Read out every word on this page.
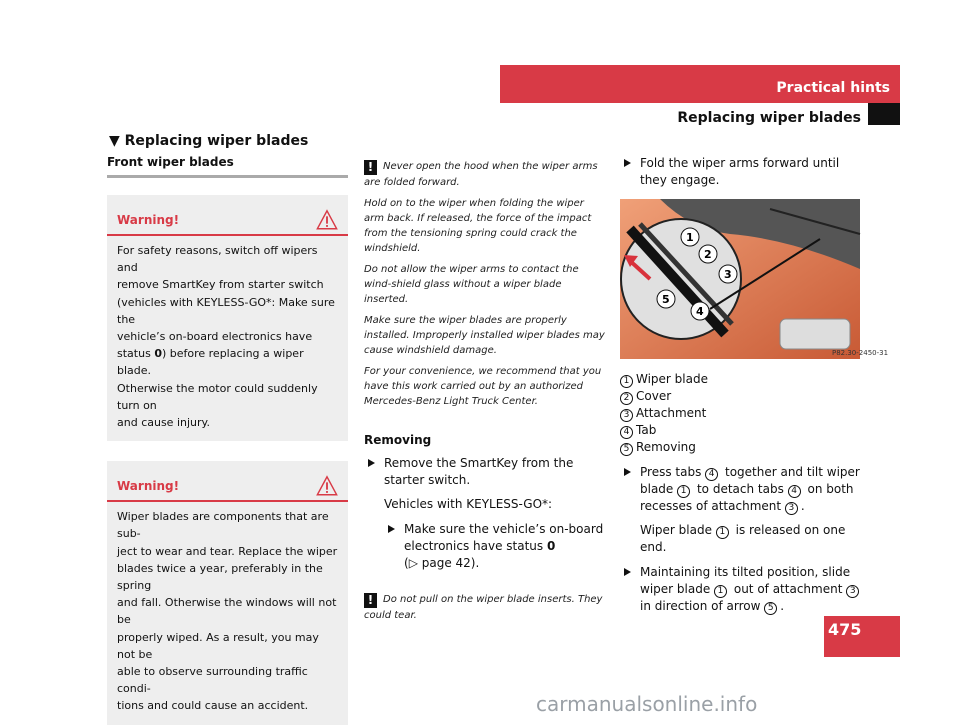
Practical hints
Replacing wiper blades
▼ Replacing wiper blades
Front wiper blades
Warning!
For safety reasons, switch off wipers and
remove SmartKey from starter switch
(vehicles with KEYLESS-GO*: Make sure the
vehicle’s on-board electronics have
status 0) before replacing a wiper blade.
Otherwise the motor could suddenly turn on
and cause injury.
Warning!
Wiper blades are components that are sub-
ject to wear and tear. Replace the wiper
blades twice a year, preferably in the spring
and fall. Otherwise the windows will not be
properly wiped. As a result, you may not be
able to observe surrounding traffic condi-
tions and could cause an accident.
! Never open the hood when the wiper arms are folded forward.
Hold on to the wiper when folding the wiper arm back. If released, the force of the impact from the tensioning spring could crack the windshield.
Do not allow the wiper arms to contact the wind-shield glass without a wiper blade inserted.
Make sure the wiper blades are properly installed. Improperly installed wiper blades may cause windshield damage.
For your convenience, we recommend that you have this work carried out by an authorized Mercedes-Benz Light Truck Center.
Removing
Remove the SmartKey from the starter switch.
Vehicles with KEYLESS-GO*:
Make sure the vehicle’s on-board electronics have status 0
(▷ page 42).
! Do not pull on the wiper blade inserts. They could tear.
Fold the wiper arms forward until they engage.
P82.30-2450-31
1
2
3
4
5
1 Wiper blade
2 Cover
3 Attachment
4 Tab
5 Removing
Press tabs 4 together and tilt wiper blade 1 to detach tabs 4 on both recesses of attachment 3 .
Wiper blade 1 is released on one end.
Maintaining its tilted position, slide wiper blade 1 out of attachment 3 in direction of arrow 5 .
475
carmanualsonline.info
